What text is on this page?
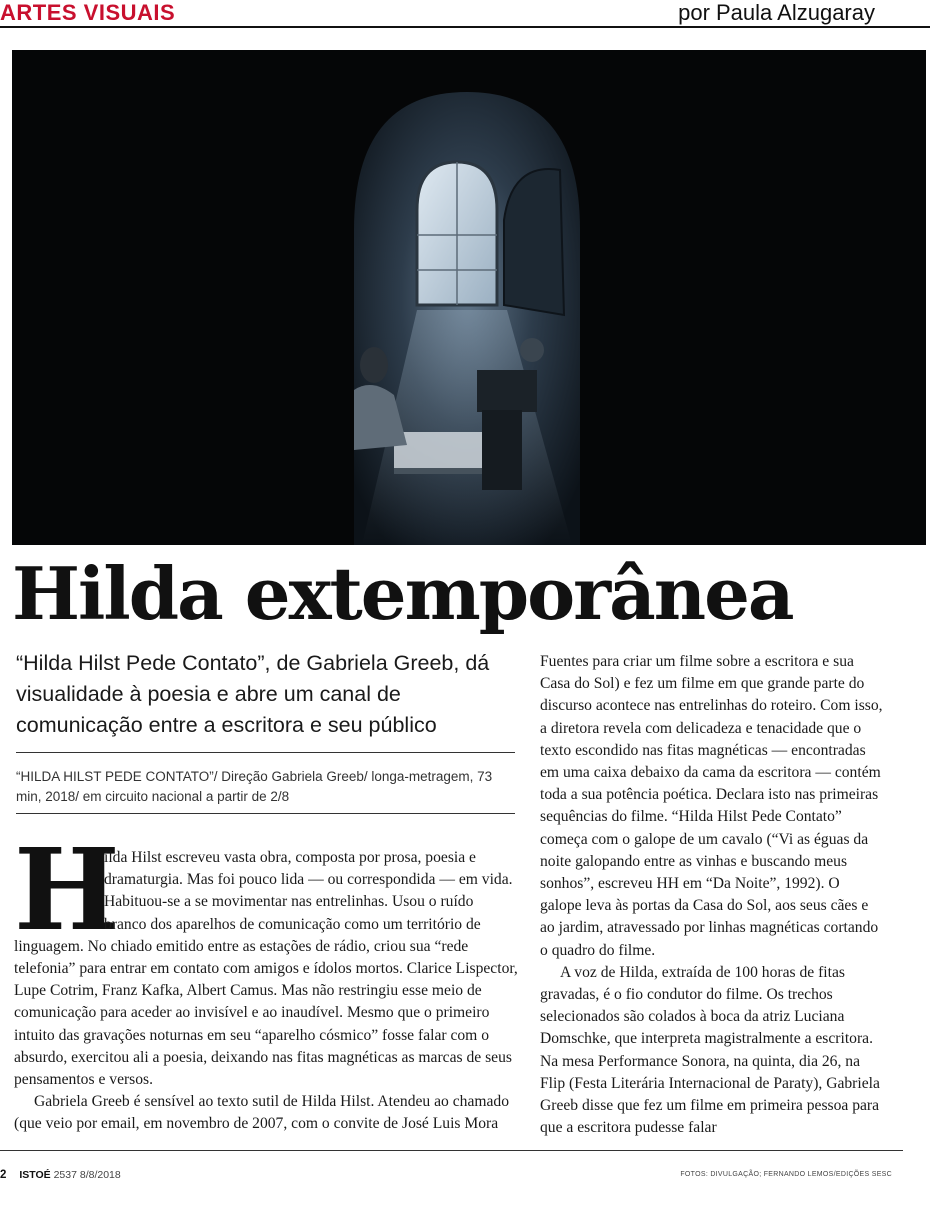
ARTES VISUAIS	por Paula Alzugaray
Hilda extemporânea
“Hilda Hilst Pede Contato”, de Gabriela Greeb, dá visualidade à poesia e abre um canal de comunicação entre a escritora e seu público
“HILDA HILST PEDE CONTATO”/ Direção Gabriela Greeb/ longa-metragem, 73 min, 2018/ em circuito nacional a partir de 2/8

H
ilda Hilst escreveu vasta obra, composta por prosa, poesia e dramaturgia. Mas foi pouco lida — ou correspondida — em vida. Habituou-se a se movimentar nas entrelinhas. Usou o ruído branco dos aparelhos de comunicação como um território de linguagem. No chiado emitido entre as estações de rádio, criou sua “rede telefonia” para entrar em contato com amigos e ídolos mortos. Clarice Lispector, Lupe Cotrim, Franz Kafka, Albert Camus. Mas não restringiu esse meio de comunicação para aceder ao invisível e ao inaudível. Mesmo que o primeiro intuito das gravações noturnas em seu “aparelho cósmico” fosse falar com o absurdo, exercitou ali a poesia, deixando nas fitas magnéticas as marcas de seus pensamentos e versos.

Gabriela Greeb é sensível ao texto sutil de Hilda Hilst. Atendeu ao chamado (que veio por email, em novembro de 2007, com o convite de José Luis Mora

Fuentes para criar um filme sobre a escritora e sua Casa do Sol) e fez um filme em que grande parte do discurso acontece nas entrelinhas do roteiro. Com isso, a diretora revela com delicadeza e tenacidade que o texto escondido nas fitas magnéticas — encontradas em uma caixa debaixo da cama da escritora — contém toda a sua potência poética. Declara isto nas primeiras sequências do filme. “Hilda Hilst Pede Contato” começa com o galope de um cavalo (“Vi as éguas da noite galopando entre as vinhas e buscando meus sonhos”, escreveu HH em “Da Noite”, 1992). O galope leva às portas da Casa do Sol, aos seus cães e ao jardim, atravessado por linhas magnéticas cortando o quadro do filme.

A voz de Hilda, extraída de 100 horas de fitas gravadas, é o fio condutor do filme. Os trechos selecionados são colados à boca da atriz Luciana Domschke, que interpreta magistralmente a escritora. Na mesa Performance Sonora, na quinta, dia 26, na Flip (Festa Literária Internacional de Paraty), Gabriela Greeb disse que fez um filme em primeira pessoa para que a escritora pudesse falar

2 ISTOÉ 2537 8/8/2018	FOTOS: DIVULGAÇÃO; FERNANDO LEMOS/EDIÇÕES SESC
